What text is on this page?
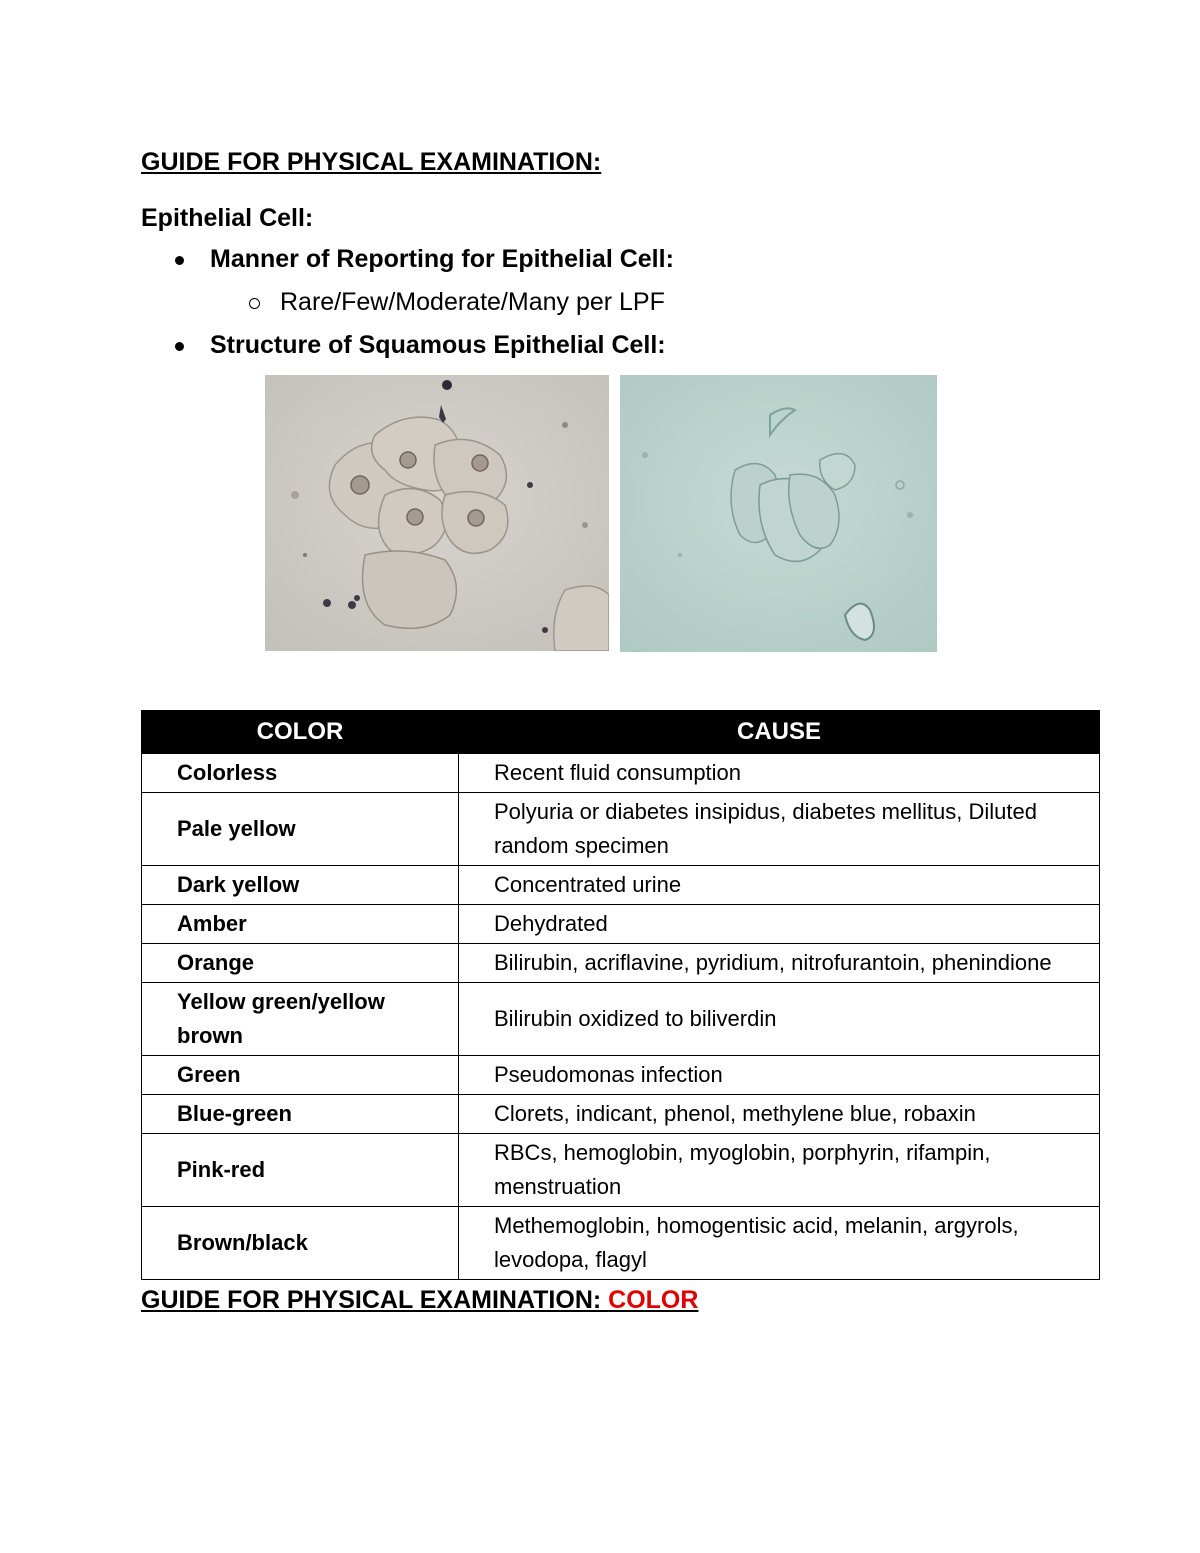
GUIDE FOR PHYSICAL EXAMINATION:
Epithelial Cell:
Manner of Reporting for Epithelial Cell:
Rare/Few/Moderate/Many per LPF
Structure of Squamous Epithelial Cell:
COLOR	CAUSE
Colorless	Recent fluid consumption
Pale yellow	Polyuria or diabetes insipidus, diabetes mellitus, Diluted random specimen
Dark yellow	Concentrated urine
Amber	Dehydrated
Orange	Bilirubin, acriflavine, pyridium, nitrofurantoin, phenindione
Yellow green/yellow brown	Bilirubin oxidized to biliverdin
Green	Pseudomonas infection
Blue-green	Clorets, indicant, phenol, methylene blue, robaxin
Pink-red	RBCs, hemoglobin, myoglobin, porphyrin, rifampin, menstruation
Brown/black	Methemoglobin, homogentisic acid, melanin, argyrols, levodopa, flagyl
GUIDE FOR PHYSICAL EXAMINATION: COLOR
